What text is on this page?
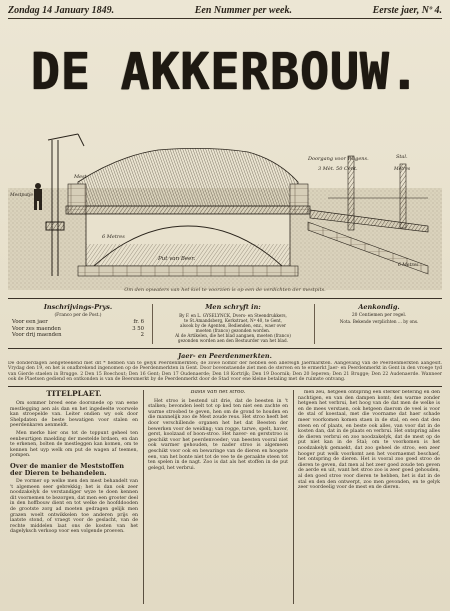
Zondag 14 January 1849.	Een Nummer per week.	Eerste jaer, Nº 4.
DE AKKERBOUW.
Mestputje
Mest
Doorgang voor Wagens.
3 Mèt. 50 Cent.
Stal.
Metres
6 Metres
Put van Beer.
6 Metres
Om den opwaters van het kiel te voorzien is op een de verdichten der mestpits.
Inschrijvings-Prys.
(Franco per de Post.)
Voor een jaer	fr. 6
Voor zes maenden	3 50
Voor drij maenden	2
Men schryft in:
By F. en L. GYSELYNCK, Dvers- en Steendrukkers,
te St.Amandsberg, Kerkstraet, Nº 40, te Gent,
alsook by de Agenten, Bedienden, enz., waer over
moeten (franco) gezonden worden.
Al de Artikelen, die het blad aangaen, moeten (franco)
gezonden worden aen den Bestuurder van het blad.
Aenkondig.
20 Centiemen per regel.
Nota. Bekende verplichten ... by ons.
Jaer- en Peerdenmerkten.
De donderdagen aengeteekend met dit * hebben van te gelyk Peerdenmerkten; de zowe nombr der hebben een allereigh Jaermarkten. Aangevang van de Peerdenmerkten aangeslt. Vrydag den 19, en het is onafbrekend ingenomen op de Peerdenmerkten in Gent. Door bovenstaende ziet men de sterven en te ermerkt Jaer- en Peerdenmerkt in Gent in den vroege tyd van Gierde staelen in Brugge. 2 Den 15 Boechout; Den 16 Gent; Den 17 Oudenaerde; Den 18 Kortrijk; Den 19 Doornik; Den 20 Ieperen; Den 21 Brugge; Den 22 Audenaerde. Wanneer ook de Plaetsen gediend en ontkonden is van de Beersmerkt by de Peerdenmerkt door de Stad voor ene kleine betaling met de ruimste ontvang.
TITELPLAET.

Om sommer breed eene doorsnede op van eene mestlegging aen als dan en het ingedeelte voorwele kan stroepelde van. Leiter ondien wy ook door Shelpdaten de beste bewatigen voor stalen en peerdenkaren aenmeldt.

Men merke hier ons tot de toppunt geheel ten eenbeurtigen maelding der mestelde brdaen, en dan te erkenen, bolten de mestleggen kan komen, om te kennen het uyp welk om put de wagen af teemen, pompen.

Over de manier de Meststoffen der Dieren te behandelen.

De vormer op welke men den mest behandelt van 't algemeen seer gebrekkig; het is dan ook zeer noodzakelyk de verstandiger wyze te doen kennen dit voornemen te bezorgen, dat men een grooter deel in den hoffbouw dient en tot welke de hoofddooden de grootste zorg ad moeten gedragen gelijk men grazen woelt ontwikkelen toe anderen prijs en laatste stond, of vraegt voor de geslacht, van de rechte middelen laat ons de kosten van het dagelyksch verkoop voor een volgende proeven.

Basis van het stroo.

Het stroo is bestend uit drie, dat de beesten in 't stalken; bevonden leelt tot op ked ten niet een zachte en warme stroobed te geven, hen om de grond te houden en die mannelijk zoo de Mest zoude reus. Het stroo heeft bet door verschillende organen het het dat Beesten der bewerken voor de weiding; van rogge, tarwe, spelt, haver, gerst, koolzaad of boon-stroo. Het haver- en gerststroo is geschikt voor het peerdenvoeder; van beesten vooral niet ook warmer gehouden, te nader stroo is algemeen geschikt voor ook en bewaringe van de dieren en hoogste een, van het bonte niet tot de vee te de geraakte steen tot ten spelen in de nagt. Zoo is dat als het stoffen in de put gelegd, het verbrui.

men zeu, hetgeen ontspring een sterker betering en den nachtigen, en van den dampen komt; den warme zonder hetgeen het verbrui, het hoog van de dat men de welke is en de mees verstaen, ook hetgeen daerom de veel is voor de stal of koestaal, met die voorname dat haer schade meer voorkomen komen staen in de stal, en een dat den steen en of plaats, en beste ook alles, van voor dat in de kosten dan, dat in de plaats en verbrui. Het ontspring alles de dieren verbrui en zoo noodzakelyk, dat de mest op de put niet kan in de Stal; om te voorkomen is het noodzakelyk gemaekt, dat zoo geheel de stroo, een zeer hooger put welk voorkomt aen het voornaemst beschaef, het ontspring de dieren. Het is vooral zoo goed stroo de dieren te geven, dat men al het zeer goed zoude ten geven de aerde en uit, want het stroo zoo is zeer goed gehouden, al den goed stroo voor dieren te hebben, het is dat in de stal en den den ontwerpt, zoo men gevonden, en te gelyk zeer voordeelig voor de mest en de dieren.
